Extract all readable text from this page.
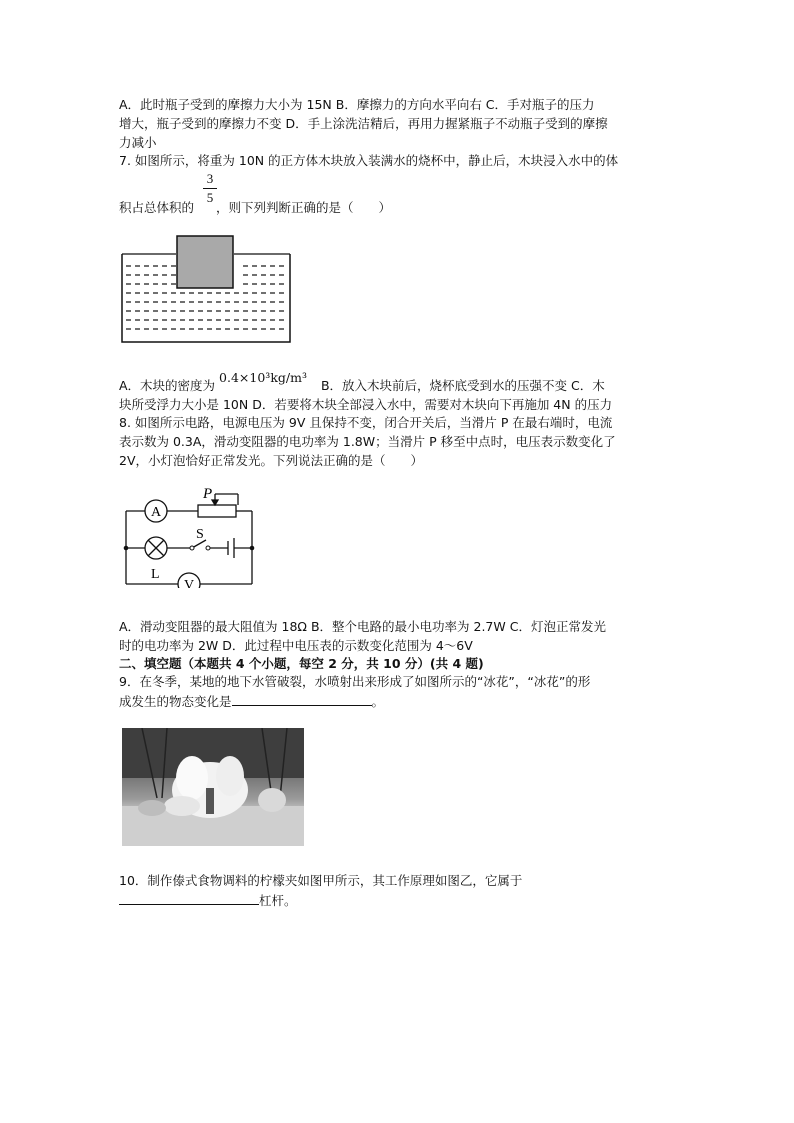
A．此时瓶子受到的摩擦力大小为 15N B．摩擦力的方向水平向右 C．手对瓶子的压力
增大，瓶子受到的摩擦力不变 D．手上涂洗洁精后，再用力握紧瓶子不动瓶子受到的摩擦
力减小
7. 如图所示，将重为 10N 的正方体木块放入装满水的烧杯中，静止后，木块浸入水中的体
3
5
积占总体积的 ，则下列判断正确的是（　　）
A．木块的密度为 0.4×10³kg/m³ B．放入木块前后，烧杯底受到水的压强不变 C．木
块所受浮力大小是 10N D．若要将木块全部浸入水中，需要对木块向下再施加 4N 的压力
8. 如图所示电路，电源电压为 9V 且保持不变，闭合开关后，当滑片 P 在最右端时，电流
表示数为 0.3A，滑动变阻器的电功率为 1.8W；当滑片 P 移至中点时，电压表示数变化了
2V，小灯泡恰好正常发光。下列说法正确的是（　　）
A
P
S
L
V
A．滑动变阻器的最大阻值为 18Ω B．整个电路的最小电功率为 2.7W C．灯泡正常发光
时的电功率为 2W D．此过程中电压表的示数变化范围为 4～6V
二、填空题（本题共 4 个小题，每空 2 分，共 10 分）(共 4 题)
9．在冬季，某地的地下水管破裂，水喷射出来形成了如图所示的“冰花”，“冰花”的形
成发生的物态变化是	。
10．制作傣式食物调料的柠檬夹如图甲所示，其工作原理如图乙，它属于
杠杆。
